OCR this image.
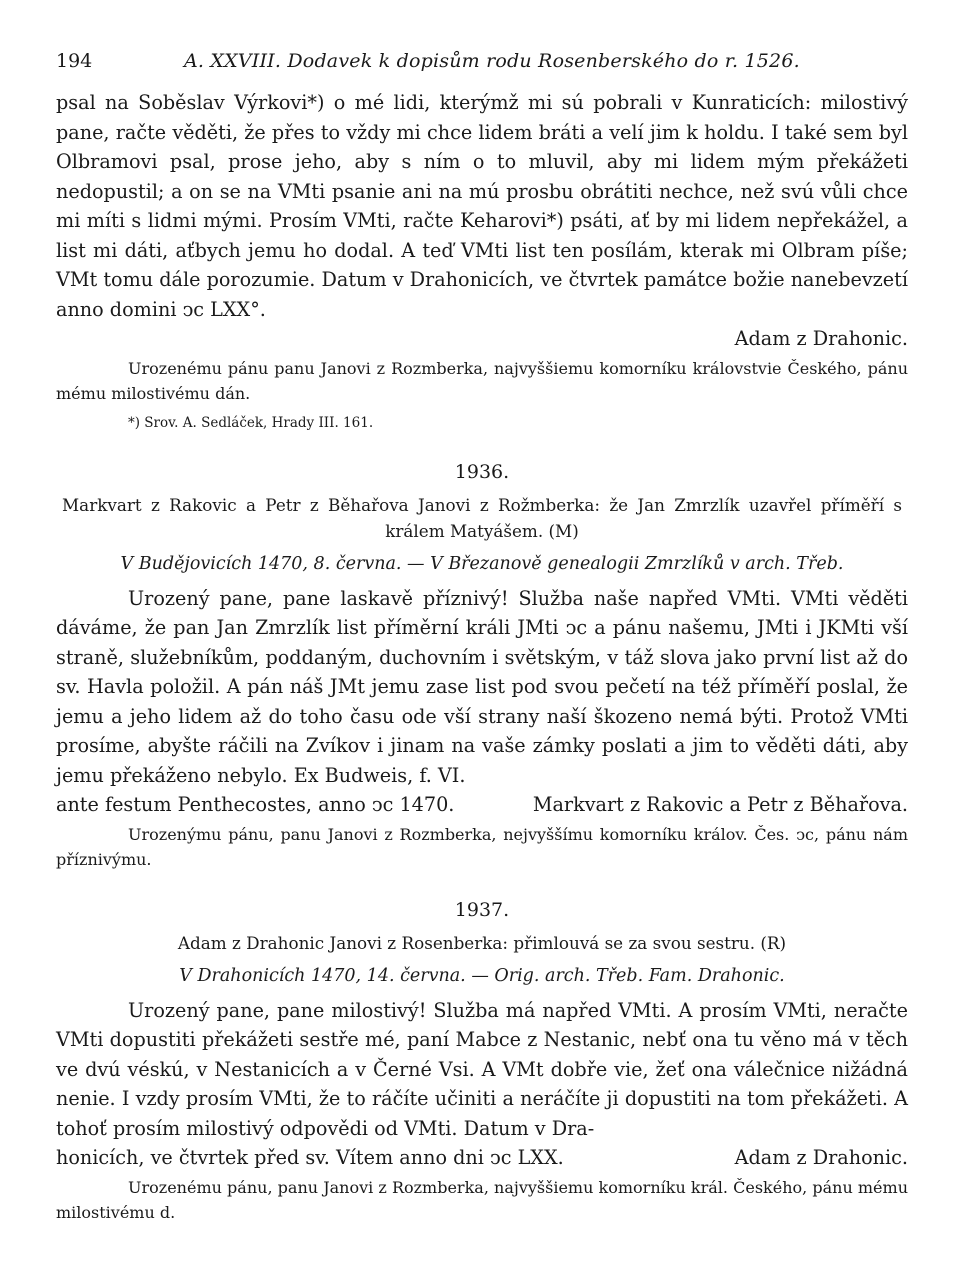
194	A. XXVIII. Dodavek k dopisům rodu Rosenberského do r. 1526.

psal na Soběslav Výrkovi*) o mé lidi, kterýmž mi sú pobrali v Kunraticích: milostivý pane, račte věděti, že přes to vždy mi chce lidem bráti a velí jim k holdu. I také sem byl Olbramovi psal, prose jeho, aby s ním o to mluvil, aby mi lidem mým překážeti nedopustil; a on se na VMti psanie ani na mú prosbu obrátiti nechce, než svú vůli chce mi míti s lidmi mými. Prosím VMti, račte Keharovi*) psáti, ať by mi lidem nepřekážel, a list mi dáti, aťbych jemu ho dodal. A teď VMti list ten posílám, kterak mi Olbram píše; VMt tomu dále porozumie. Datum v Drahonicích, ve čtvrtek památce božie nanebevzetí anno domini ͻc LXX°.

Adam z Drahonic.

Urozenému pánu panu Janovi z Rozmberka, najvyššiemu komorníku královstvie Českého, pánu mému milostivému dán.

*) Srov. A. Sedláček, Hrady III. 161.

1936.

Markvart z Rakovic a Petr z Běhařova Janovi z Rožmberka: že Jan Zmrzlík uzavřel příměří s králem Matyášem. (M)

V Budějovicích 1470, 8. června. — V Březanově genealogii Zmrzlíků v arch. Třeb.

Urozený pane, pane laskavě příznivý! Služba naše napřed VMti. VMti věděti dáváme, že pan Jan Zmrzlík list příměrní králi JMti ͻc a pánu našemu, JMti i JKMti vší straně, služebníkům, poddaným, duchovním i světským, v táž slova jako první list až do sv. Havla položil. A pán náš JMt jemu zase list pod svou pečetí na též příměří poslal, že jemu a jeho lidem až do toho času ode vší strany naší škozeno nemá býti. Protož VMti prosíme, abyšte ráčili na Zvíkov i jinam na vaše zámky poslati a jim to věděti dáti, aby jemu překáženo nebylo. Ex Budweis, f. VI.

ante festum Penthecostes, anno ͻc 1470.	Markvart z Rakovic a Petr z Běhařova.

Urozenýmu pánu, panu Janovi z Rozmberka, nejvyššímu komorníku králov. Čes. ͻc, pánu nám příznivýmu.

1937.

Adam z Drahonic Janovi z Rosenberka: přimlouvá se za svou sestru. (R)

V Drahonicích 1470, 14. června. — Orig. arch. Třeb. Fam. Drahonic.

Urozený pane, pane milostivý! Služba má napřed VMti. A prosím VMti, neračte VMti dopustiti překážeti sestře mé, paní Mabce z Nestanic, nebť ona tu věno má v těch ve dvú véskú, v Nestanicích a v Černé Vsi. A VMt dobře vie, žeť ona válečnice nižádná nenie. I vzdy prosím VMti, že to ráčíte učiniti a neráčíte ji dopustiti na tom překážeti. A tohoť prosím milostivý odpovědi od VMti. Datum v Dra-

honicích, ve čtvrtek před sv. Vítem anno dni ͻc LXX.	Adam z Drahonic.

Urozenému pánu, panu Janovi z Rozmberka, najvyššiemu komorníku král. Českého, pánu mému milostivému d.
